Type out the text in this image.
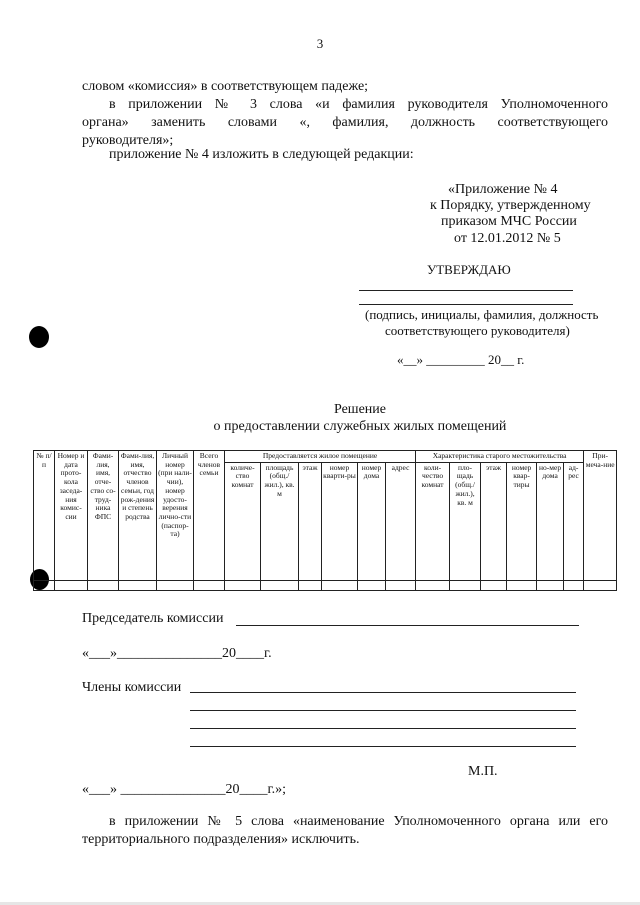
3
словом «комиссия» в соответствующем падеже;
в приложении № 3 слова «и фамилия руководителя Уполномоченного
органа» заменить словами «, фамилия, должность соответствующего
руководителя»;
приложение № 4 изложить в следующей редакции:
«Приложение № 4
к Порядку, утвержденному
приказом МЧС России
от 12.01.2012 № 5
УТВЕРЖДАЮ
(подпись, инициалы, фамилия, должность
соответствующего руководителя)
«__» _________ 20__ г.
Решение
о предоставлении служебных жилых помещений
№ п/п	Номер и дата прото-кола заседа-ния комис-сии	Фами-лия, имя, отче-ство со-труд-ника ФПС	Фами-лия, имя, отчество членов семьи, год рож-дения и степень родства	Личный номер (при нали-чии), номер удосто-верения лично-сти (паспор-та)	Всего членов семьи	Предоставляется жилое помещение						Характеристика старого местожительства						При-меча-ние
						количе-ство комнат	площадь (общ./ жил.), кв. м	этаж	номер кварти-ры	номер дома	адрес	коли-чество комнат	пло-щадь (общ./ жил.), кв. м	этаж	номер квар-тиры	но-мер дома	ад-рес	

Председатель комиссии
«___»_______________20____г.
Члены комиссии
М.П.
«___» _______________20____г.»;
в приложении № 5 слова «наименование Уполномоченного органа или его
территориального подразделения» исключить.
